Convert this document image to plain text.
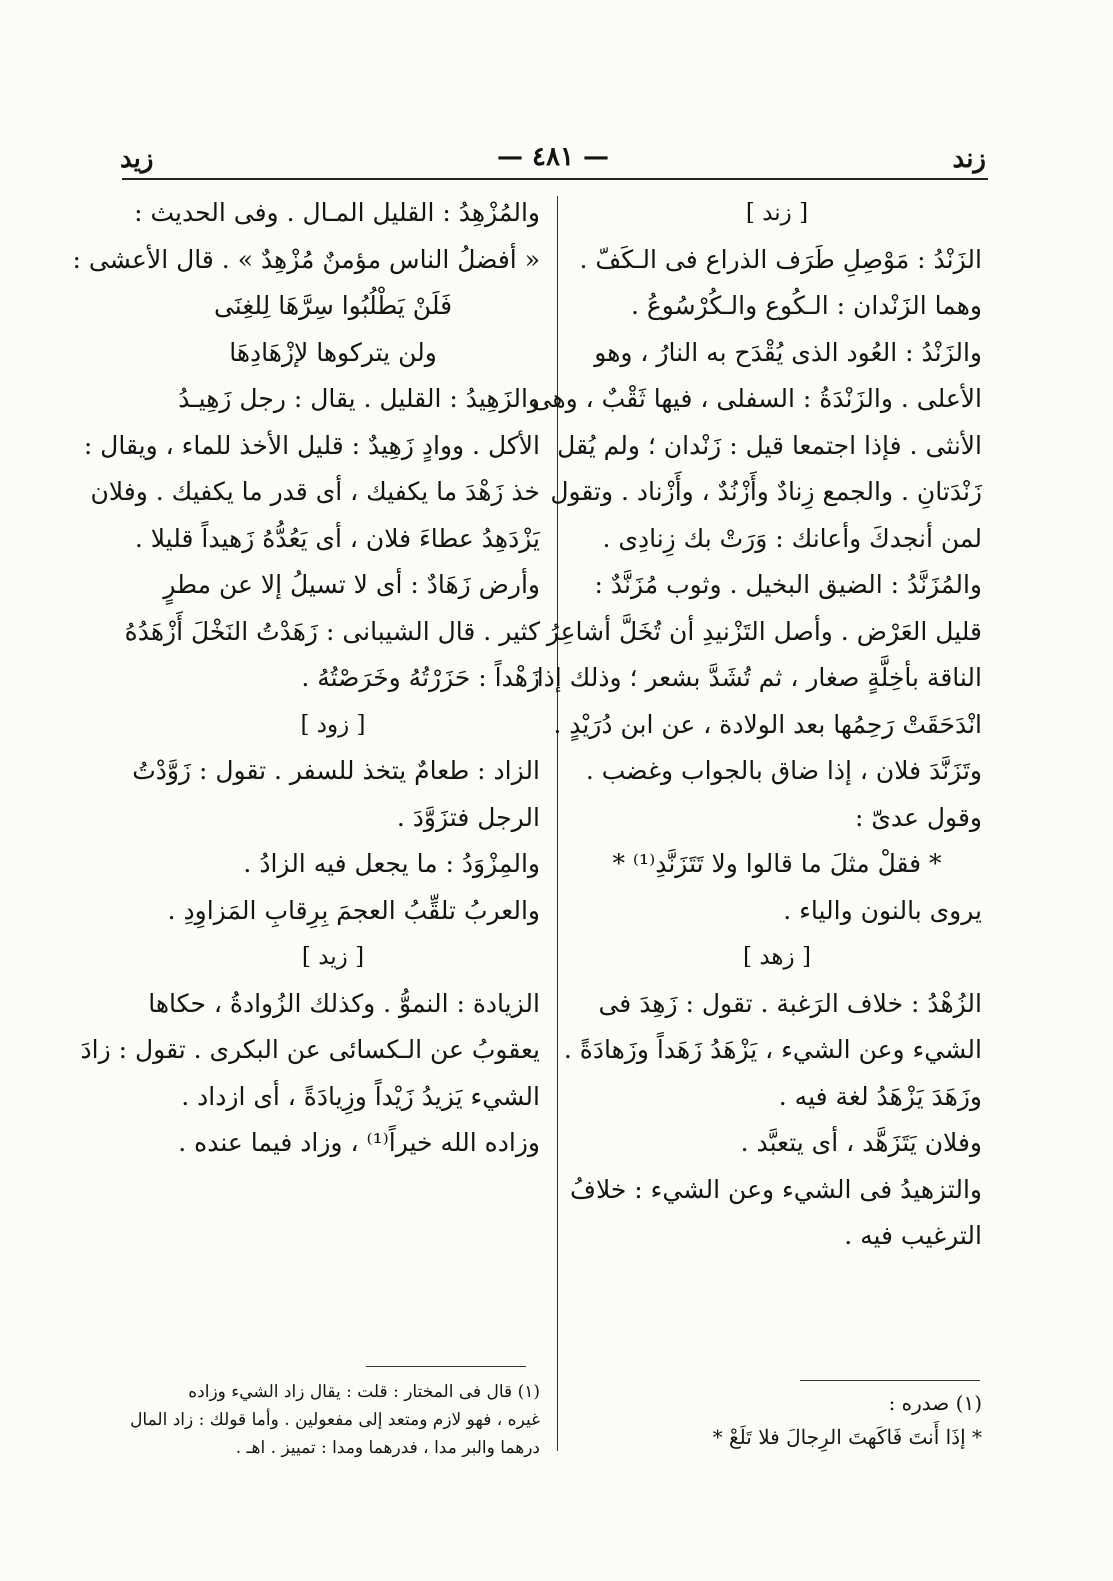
زند
— ٤٨١ —
زيد
[ زند ]
الزَنْدُ : مَوْصِلِ طَرَف الذراع فى الـكَفّ .
وهما الزَنْدان : الـكُوع والـكُرْسُوعُ .
والزَنْدُ : العُود الذى يُقْدَح به النارُ ، وهو
الأعلى . والزَنْدَةُ : السفلى ، فيها ثَقْبٌ ، وهى
الأنثى . فإذا اجتمعا قيل : زَنْدان ؛ ولم يُقل
زَنْدَتانِ . والجمع زِنادٌ وأَزْنُدٌ ، وأَزْناد . وتقول
لمن أنجدكَ وأعانك : وَرَتْ بك زِنادِى .
والمُزَنَّدُ : الضيق البخيل . وثوب مُزَنَّدٌ :
قليل العَرْض . وأصل التَزْنيدِ أن تُخَلَّ أشاعِرُ
الناقة بأخِلَّةٍ صغار ، ثم تُشَدَّ بشعر ؛ وذلك إذا
انْدَحَقَتْ رَحِمُها بعد الولادة ، عن ابن دُرَيْدٍ .
وتَزَنَّدَ فلان ، إذا ضاق بالجواب وغضب .
وقول عدىّ :
* فقلْ مثلَ ما قالوا ولا تَتَزَنَّدِ⁽¹⁾ *
يروى بالنون والياء .
[ زهد ]
الزُهْدُ : خلاف الرَغبة . تقول : زَهِدَ فى
الشيء وعن الشيء ، يَزْهَدُ زَهَداً وزَهادَةً .
وزَهَدَ يَزْهَدُ لغة فيه .
وفلان يَتَزَهَّد ، أى يتعبَّد .
والتزهيدُ فى الشيء وعن الشيء : خلافُ
الترغيب فيه .
والمُزْهِدُ : القليل المـال . وفى الحديث :
« أفضلُ الناس مؤمنٌ مُزْهِدٌ » . قال الأعشى :
فَلَنْ يَطْلُبُوا سِرَّهَا لِلغِنَى
ولن يتركوها لإزْهَادِهَا
والزَهِيدُ : القليل . يقال : رجل زَهِيـدُ
الأكل . ووادٍ زَهِيدٌ : قليل الأخذ للماء ، ويقال :
خذ زَهْدَ ما يكفيك ، أى قدر ما يكفيك . وفلان
يَزْدَهِدُ عطاءَ فلان ، أى يَعُدُّهُ زَهيداً قليلا .
وأرض زَهَادٌ : أى لا تسيلُ إلا عن مطرٍ
كثير . قال الشيبانى : زَهَدْتُ النَخْلَ أَزْهَدُهُ
زَهْداً : حَزَرْتُهُ وخَرَصْتُهُ .
[ زود ]
الزاد : طعامٌ يتخذ للسفر . تقول : زَوَّدْتُ
الرجل فتزَوَّدَ .
والمِزْوَدُ : ما يجعل فيه الزادُ .
والعربُ تلقِّبُ العجمَ بِرِقابِ المَزاوِدِ .
[ زيد ]
الزيادة : النموُّ . وكذلك الزُوادةُ ، حكاها
يعقوبُ عن الـكسائى عن البكرى . تقول : زادَ
الشيء يَزيدُ زَيْداً وزِيادَةً ، أى ازداد .
وزاده الله خيراً⁽¹⁾ ، وزاد فيما عنده .
(١) صدره :
* إذَا أَنتَ فَاكَهتَ الرِجالَ فلا تَلَعْ *
(١) قال فى المختار : قلت : يقال زاد الشيء وزاده
غيره ، فهو لازم ومتعد إلى مفعولين . وأما قولك : زاد المال
درهما والبر مدا ، فدرهما ومدا : تمييز . اهـ .
